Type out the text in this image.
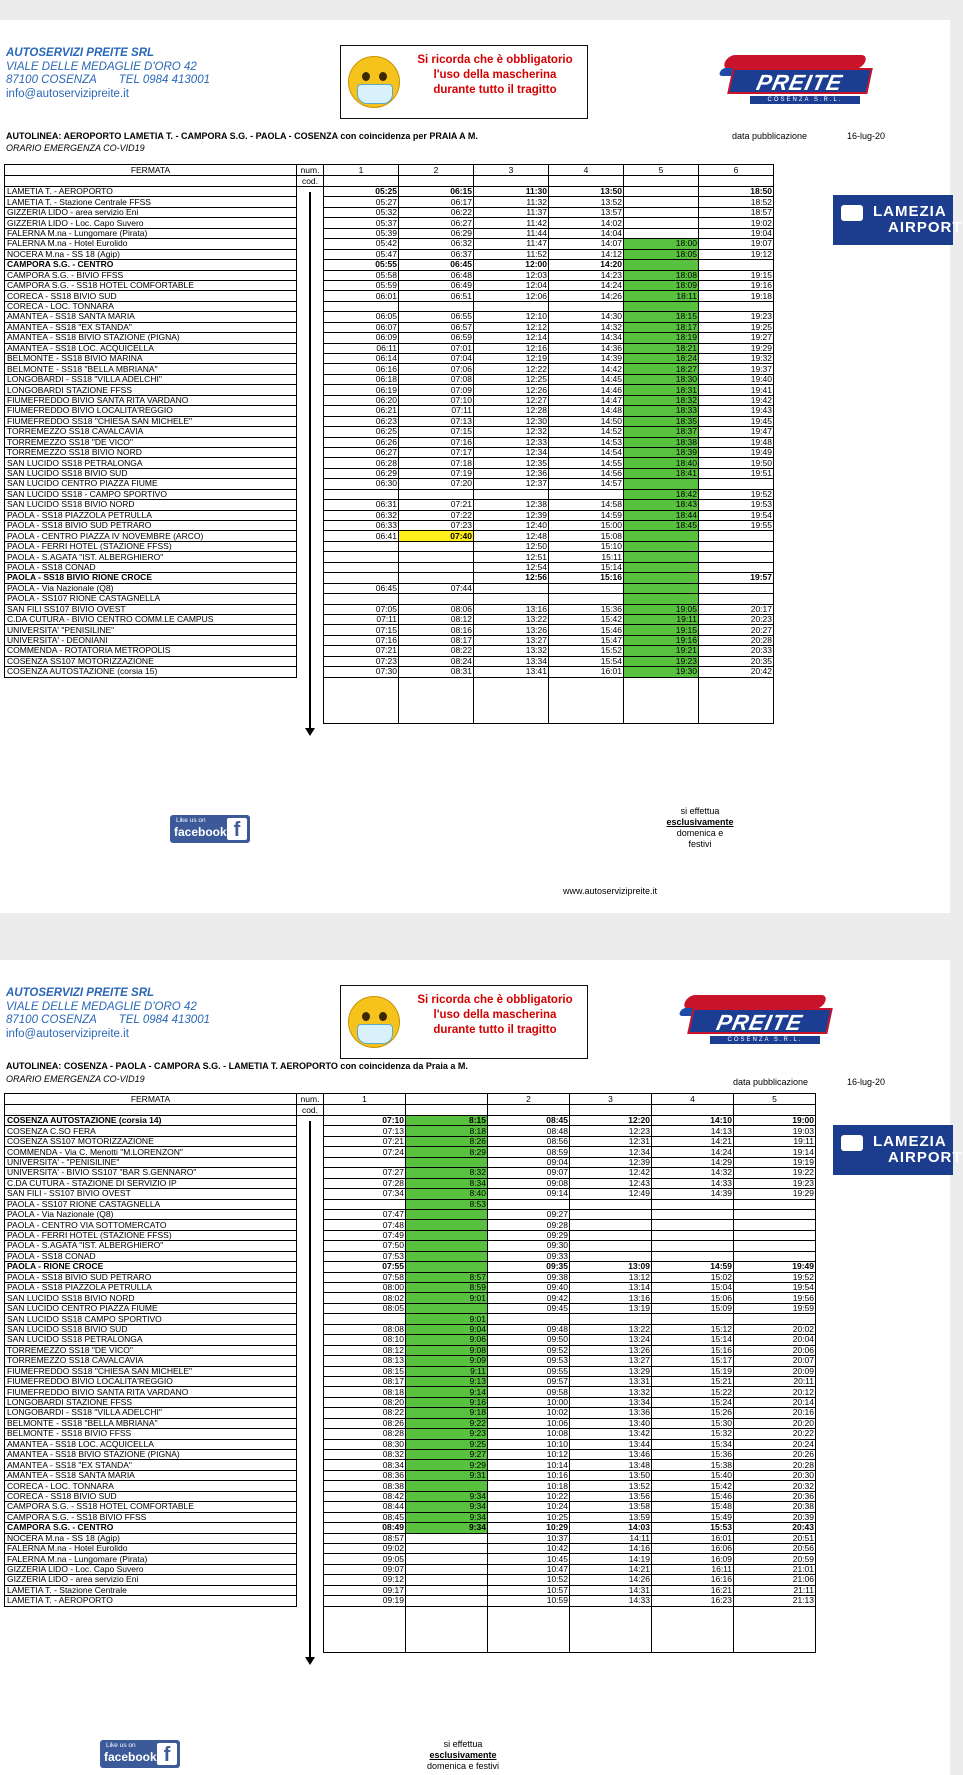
AUTOSERVIZI PREITE SRL
VIALE DELLE MEDAGLIE D'ORO 42
87100 COSENZA TEL 0984 413001
info@autoservizipreite.it
Si ricorda che è obbligatorio
l'uso della mascherina
durante tutto il tragitto	PREITE
COSENZA S.R.L.
AUTOLINEA: AEROPORTO LAMETIA T. - CAMPORA S.G. - PAOLA - COSENZA con coincidenza per PRAIA A M.
ORARIO EMERGENZA CO-VID19
data pubblicazione	16-lug-20
FERMATA	num.	1	2	3	4	5	6
	cod.						
LAMETIA T. - AEROPORTO		05:25	06:15	11:30	13:50		18:50
LAMETIA T. - Stazione Centrale FFSS		05:27	06:17	11:32	13:52		18:52
GIZZERIA LIDO - area servizio Eni		05:32	06:22	11:37	13:57		18:57
GIZZERIA LIDO - Loc. Capo Suvero		05:37	06:27	11:42	14:02		19:02
FALERNA M.na - Lungomare (Pirata)		05:39	06:29	11:44	14:04		19:04
FALERNA M.na - Hotel Eurolido		05:42	06:32	11:47	14:07	18:00	19:07
NOCERA M.na - SS 18 (Agip)		05:47	06:37	11:52	14:12	18:05	19:12
CAMPORA S.G. - CENTRO		05:55	06:45	12:00	14:20		
CAMPORA S.G. - BIVIO FFSS		05:58	06:48	12:03	14:23	18:08	19:15
CAMPORA S.G. - SS18 HOTEL COMFORTABLE		05:59	06:49	12:04	14:24	18:09	19:16
CORECA - SS18 BIVIO SUD		06:01	06:51	12:06	14:26	18:11	19:18
CORECA - LOC. TONNARA							
AMANTEA - SS18 SANTA MARIA		06:05	06:55	12:10	14:30	18:15	19:23
AMANTEA - SS18 "EX STANDA"		06:07	06:57	12:12	14:32	18:17	19:25
AMANTEA - SS18 BIVIO STAZIONE (PIGNA)		06:09	06:59	12:14	14:34	18:19	19:27
AMANTEA - SS18 LOC. ACQUICELLA		06:11	07:01	12:16	14:36	18:21	19:29
BELMONTE - SS18 BIVIO MARINA		06:14	07:04	12:19	14:39	18:24	19:32
BELMONTE - SS18 "BELLA MBRIANA"		06:16	07:06	12:22	14:42	18:27	19:37
LONGOBARDI - SS18 "VILLA ADELCHI"		06:18	07:08	12:25	14:45	18:30	19:40
LONGOBARDI STAZIONE FFSS		06:19	07:09	12:26	14:46	18:31	19:41
FIUMEFREDDO BIVIO SANTA RITA VARDANO		06:20	07:10	12:27	14:47	18:32	19:42
FIUMEFREDDO BIVIO LOCALITA'REGGIO		06:21	07:11	12:28	14:48	18:33	19:43
FIUMEFREDDO SS18 "CHIESA SAN MICHELE"		06:23	07:13	12:30	14:50	18:35	19:45
TORREMEZZO SS18 CAVALCAVIA		06:25	07:15	12:32	14:52	18:37	19:47
TORREMEZZO SS18 "DE VICO"		06:26	07:16	12:33	14:53	18:38	19:48
TORREMEZZO SS18 BIVIO NORD		06:27	07:17	12:34	14:54	18:39	19:49
SAN LUCIDO SS18 PETRALONGA		06:28	07:18	12:35	14:55	18:40	19:50
SAN LUCIDO SS18 BIVIO SUD		06:29	07:19	12:36	14:56	18:41	19:51
SAN LUCIDO CENTRO PIAZZA FIUME		06:30	07:20	12:37	14:57		
SAN LUCIDO SS18 - CAMPO SPORTIVO						18:42	19:52
SAN LUCIDO SS18 BIVIO NORD		06:31	07:21	12:38	14:58	18:43	19:53
PAOLA - SS18 PIAZZOLA PETRULLA		06:32	07:22	12:39	14:59	18:44	19:54
PAOLA - SS18 BIVIO SUD PETRARO		06:33	07:23	12:40	15:00	18:45	19:55
PAOLA - CENTRO PIAZZA IV NOVEMBRE (ARCO)		06:41	07:40	12:48	15:08		
PAOLA - FERRI HOTEL (STAZIONE FFSS)				12:50	15:10		
PAOLA - S.AGATA "IST. ALBERGHIERO"				12:51	15:11		
PAOLA - SS18 CONAD				12:54	15:14		
PAOLA - SS18 BIVIO RIONE CROCE				12:56	15:16		19:57
PAOLA - Via Nazionale (Q8)		06:45	07:44				
PAOLA - SS107 RIONE CASTAGNELLA							
SAN FILI SS107 BIVIO OVEST		07:05	08:06	13:16	15:36	19:05	20:17
C.DA CUTURA - BIVIO CENTRO COMM.LE CAMPUS		07:11	08:12	13:22	15:42	19:11	20:23
UNIVERSITA' "PENISILINE"		07:15	08:16	13:26	15:46	19:15	20:27
UNIVERSITA' - DEONIANI		07:16	08:17	13:27	15:47	19:16	20:28
COMMENDA - ROTATORIA METROPOLIS		07:21	08:22	13:32	15:52	19:21	20:33
COSENZA SS107 MOTORIZZAZIONE		07:23	08:24	13:34	15:54	19:23	20:35
COSENZA AUTOSTAZIONE (corsia 15)		07:30	08:31	13:41	16:01	19:30	20:42

LAMEZIA
AIRPORT
Like us on
facebook f
si effettua
esclusivamente
domenica e
festivi
www.autoservizipreite.it
AUTOSERVIZI PREITE SRL
VIALE DELLE MEDAGLIE D'ORO 42
87100 COSENZA TEL 0984 413001
info@autoservizipreite.it
Si ricorda che è obbligatorio
l'uso della mascherina
durante tutto il tragitto	PREITE
COSENZA S.R.L.
AUTOLINEA: COSENZA - PAOLA - CAMPORA S.G. - LAMETIA T. AEROPORTO con coincidenza da Praia a M.
ORARIO EMERGENZA CO-VID19	data pubblicazione	16-lug-20
FERMATA	num.	1		2	3	4	5
	cod.						
COSENZA AUTOSTAZIONE (corsia 14)		07:10	8:15	08:45	12:20	14:10	19:00
COSENZA C.SO FERA		07:13	8:18	08:48	12:23	14:13	19:03
COSENZA SS107 MOTORIZZAZIONE		07:21	8:26	08:56	12:31	14:21	19:11
COMMENDA - Via C. Menotti "M.LORENZON"		07:24	8:29	08:59	12:34	14:24	19:14
UNIVERSITA' - "PENISILINE"				09:04	12:39	14:29	19:19
UNIVERSITA' - BIVIO SS107 "BAR S.GENNARO"		07:27	8:32	09:07	12:42	14:32	19:22
C.DA CUTURA - STAZIONE DI SERVIZIO IP		07:28	8:34	09:08	12:43	14:33	19:23
SAN FILI - SS107 BIVIO OVEST		07:34	8:40	09:14	12:49	14:39	19:29
PAOLA - SS107 RIONE CASTAGNELLA			8:53				
PAOLA - Via Nazionale (Q8)		07:47		09:27			
PAOLA - CENTRO VIA SOTTOMERCATO		07:48		09:28			
PAOLA - FERRI HOTEL (STAZIONE FFSS)		07:49		09:29			
PAOLA - S.AGATA "IST. ALBERGHIERO"		07:50		09:30			
PAOLA - SS18 CONAD		07:53		09:33			
PAOLA - RIONE CROCE		07:55		09:35	13:09	14:59	19:49
PAOLA - SS18 BIVIO SUD PETRARO		07:58	8:57	09:38	13:12	15:02	19:52
PAOLA - SS18 PIAZZOLA PETRULLA		08:00	8:59	09:40	13:14	15:04	19:54
SAN LUCIDO SS18 BIVIO NORD		08:02	9:01	09:42	13:16	15:06	19:56
SAN LUCIDO CENTRO PIAZZA FIUME		08:05		09:45	13:19	15:09	19:59
SAN LUCIDO SS18 CAMPO SPORTIVO			9:01				
SAN LUCIDO SS18 BIVIO SUD		08:08	9:04	09:48	13:22	15:12	20:02
SAN LUCIDO SS18 PETRALONGA		08:10	9:06	09:50	13:24	15:14	20:04
TORREMEZZO SS18 "DE VICO"		08:12	9:08	09:52	13:26	15:16	20:06
TORREMEZZO SS18 CAVALCAVIA		08:13	9:09	09:53	13:27	15:17	20:07
FIUMEFREDDO SS18 "CHIESA SAN MICHELE"		08:15	9:11	09:55	13:29	15:19	20:09
FIUMEFREDDO BIVIO LOCALITA'REGGIO		08:17	9:13	09:57	13:31	15:21	20:11
FIUMEFREDDO BIVIO SANTA RITA VARDANO		08:18	9:14	09:58	13:32	15:22	20:12
LONGOBARDI STAZIONE FFSS		08:20	9:16	10:00	13:34	15:24	20:14
LONGOBARDI - SS18 "VILLA ADELCHI"		08:22	9:18	10:02	13:36	15:26	20:16
BELMONTE - SS18 "BELLA MBRIANA"		08:26	9:22	10:06	13:40	15:30	20:20
BELMONTE - SS18 BIVIO FFSS		08:28	9:23	10:08	13:42	15:32	20:22
AMANTEA - SS18 LOC. ACQUICELLA		08:30	9:25	10:10	13:44	15:34	20:24
AMANTEA - SS18 BIVIO STAZIONE (PIGNA)		08:32	9:27	10:12	13:46	15:36	20:26
AMANTEA - SS18 "EX STANDA"		08:34	9:29	10:14	13:48	15:38	20:28
AMANTEA - SS18 SANTA MARIA		08:36	9:31	10:16	13:50	15:40	20:30
CORECA - LOC. TONNARA		08:38		10:18	13:52	15:42	20:32
CORECA - SS18 BIVIO SUD		08:42	9:34	10:22	13:56	15:46	20:36
CAMPORA S.G. - SS18 HOTEL COMFORTABLE		08:44	9:34	10:24	13:58	15:48	20:38
CAMPORA S.G. - SS18 BIVIO FFSS		08:45	9:34	10:25	13:59	15:49	20:39
CAMPORA S.G. - CENTRO		08:49	9:34	10:29	14:03	15:53	20:43
NOCERA M.na - SS 18 (Agip)		08:57		10:37	14:11	16:01	20:51
FALERNA M.na - Hotel Eurolido		09:02		10:42	14:16	16:06	20:56
FALERNA M.na - Lungomare (Pirata)		09:05		10:45	14:19	16:09	20:59
GIZZERIA LIDO - Loc. Capo Suvero		09:07		10:47	14:21	16:11	21:01
GIZZERIA LIDO - area servizio Eni		09:12		10:52	14:26	16:16	21:06
LAMETIA T. - Stazione Centrale		09:17		10:57	14:31	16:21	21:11
LAMETIA T. - AEROPORTO		09:19		10:59	14:33	16:23	21:13

LAMEZIA
AIRPORT
Like us on
facebook f	si effettua
esclusivamente
domenica e festivi
